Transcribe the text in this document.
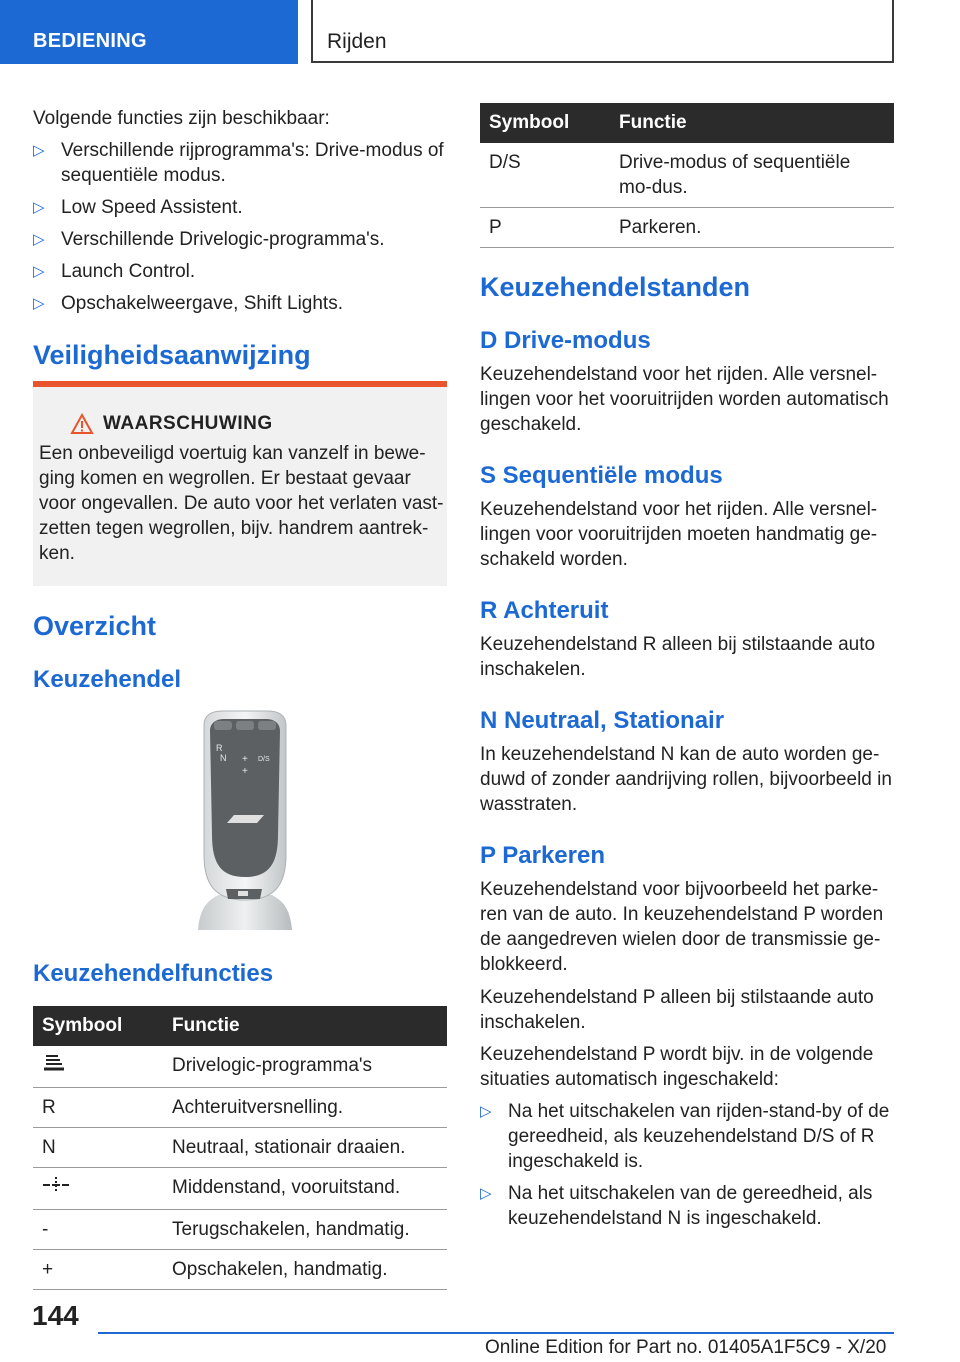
BEDIENING	Rijden

Volgende functies zijn beschikbaar:

▷ Verschillende rijprogramma's: Drive-modus of sequentiële modus.
▷ Low Speed Assistent.
▷ Verschillende Drivelogic-programma's.
▷ Launch Control.
▷ Opschakelweergave, Shift Lights.
Veiligheidsaanwijzing
WAARSCHUWING
Een onbeveiligd voertuig kan vanzelf in bewe-ging komen en wegrollen. Er bestaat gevaar voor ongevallen. De auto voor het verlaten vast-zetten tegen wegrollen, bijv. handrem aantrek-ken.
Overzicht
Keuzehendel
R
N +
+
D/S
Keuzehendelfuncties
Symbool	Functie
	Drivelogic-programma's
R	Achteruitversnelling.
N	Neutraal, stationair draaien.
	Middenstand, vooruitstand.
-	Terugschakelen, handmatig.
+	Opschakelen, handmatig.
Symbool	Functie
D/S	Drive-modus of sequentiële mo-dus.
P	Parkeren.
Keuzehendelstanden
D Drive-modus

Keuzehendelstand voor het rijden. Alle versnel-lingen voor het vooruitrijden worden automatisch geschakeld.

S Sequentiële modus

Keuzehendelstand voor het rijden. Alle versnel-lingen voor vooruitrijden moeten handmatig ge-schakeld worden.

R Achteruit

Keuzehendelstand R alleen bij stilstaande auto inschakelen.

N Neutraal, Stationair

In keuzehendelstand N kan de auto worden ge-duwd of zonder aandrijving rollen, bijvoorbeeld in wasstraten.

P Parkeren

Keuzehendelstand voor bijvoorbeeld het parke-ren van de auto. In keuzehendelstand P worden de aangedreven wielen door de transmissie ge-blokkeerd.

Keuzehendelstand P alleen bij stilstaande auto inschakelen.

Keuzehendelstand P wordt bijv. in de volgende situaties automatisch ingeschakeld:

▷ Na het uitschakelen van rijden-stand-by of de gereedheid, als keuzehendelstand D/S of R ingeschakeld is.
▷ Na het uitschakelen van de gereedheid, als keuzehendelstand N is ingeschakeld.
144
Online Edition for Part no. 01405A1F5C9 - X/20
